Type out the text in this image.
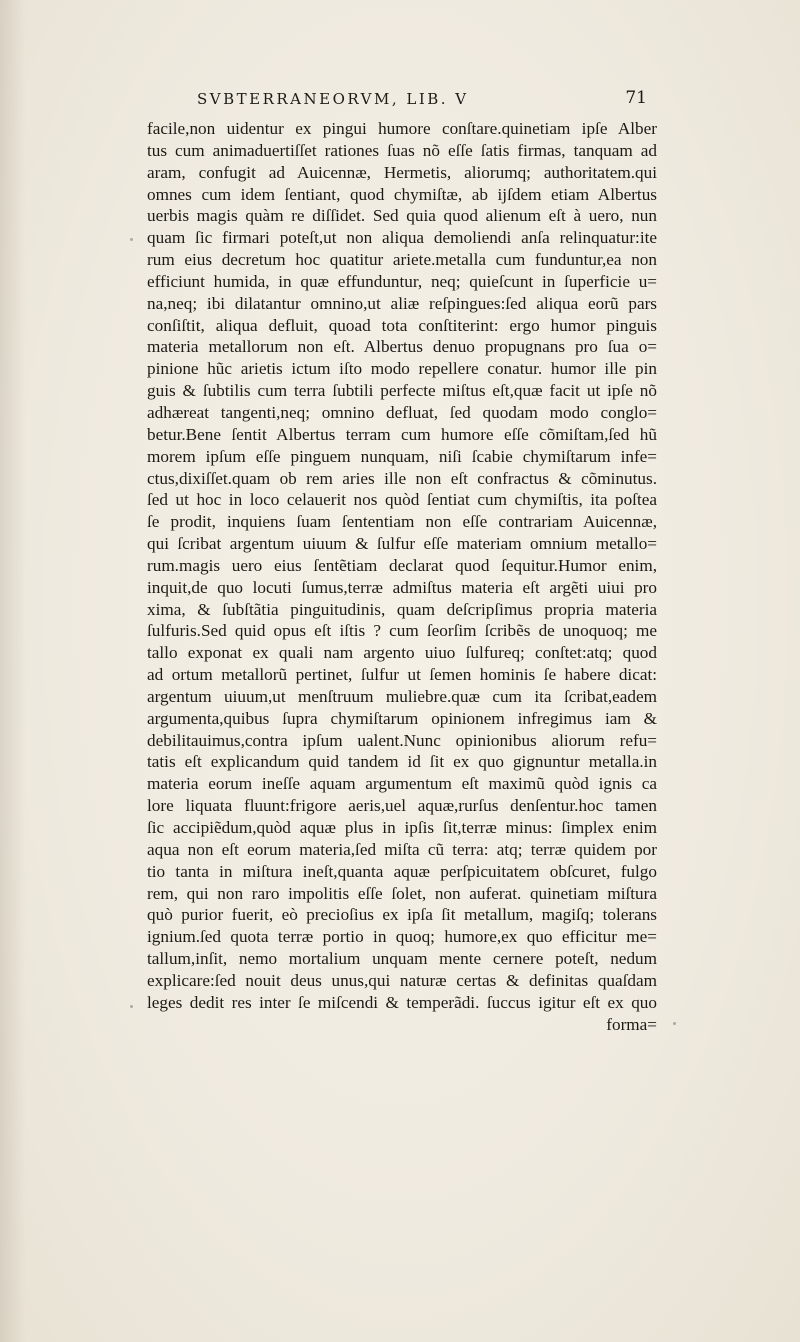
SVBTERRANEORVM, LIB. V	71
facile,non uidentur ex pingui humore conſtare.quinetiam ipſe Alber
tus cum animaduertiſſet rationes ſuas nõ eſſe ſatis firmas, tanquam ad
aram, confugit ad Auicennæ, Hermetis, aliorumq; authoritatem.qui
omnes cum idem ſentiant, quod chymiſtæ, ab ijſdem etiam Albertus
uerbis magis quàm re diſſidet. Sed quia quod alienum eſt à uero, nun
quam ſic firmari poteſt,ut non aliqua demoliendi anſa relinquatur:ite
rum eius decretum hoc quatitur ariete.metalla cum funduntur,ea non
efficiunt humida, in quæ effunduntur, neq; quieſcunt in ſuperficie u=
na,neq; ibi dilatantur omnino,ut aliæ reſpingues:ſed aliqua eorũ pars
conſiſtit, aliqua defluit, quoad tota conſtiterint: ergo humor pinguis
materia metallorum non eſt. Albertus denuo propugnans pro ſua o=
pinione hũc arietis ictum iſto modo repellere conatur. humor ille pin
guis & ſubtilis cum terra ſubtili perfecte miſtus eſt,quæ facit ut ipſe nõ
adhæreat tangenti,neq; omnino defluat, ſed quodam modo conglo=
betur.Bene ſentit Albertus terram cum humore eſſe cõmiſtam,ſed hũ
morem ipſum eſſe pinguem nunquam, niſi ſcabie chymiſtarum infe=
ctus,dixiſſet.quam ob rem aries ille non eſt confractus & cõminutus.
ſed ut hoc in loco celauerit nos quòd ſentiat cum chymiſtis, ita poſtea
ſe prodit, inquiens ſuam ſententiam non eſſe contrariam Auicennæ,
qui ſcribat argentum uiuum & ſulfur eſſe materiam omnium metallo=
rum.magis uero eius ſentẽtiam declarat quod ſequitur.Humor enim,
inquit,de quo locuti ſumus,terræ admiſtus materia eſt argẽti uiui pro
xima, & ſubſtãtia pinguitudinis, quam deſcripſimus propria materia
ſulfuris.Sed quid opus eſt iſtis ? cum ſeorſim ſcribẽs de unoquoq; me
tallo exponat ex quali nam argento uiuo ſulfureq; conſtet:atq; quod
ad ortum metallorũ pertinet, ſulfur ut ſemen hominis ſe habere dicat:
argentum uiuum,ut menſtruum muliebre.quæ cum ita ſcribat,eadem
argumenta,quibus ſupra chymiſtarum opinionem infregimus iam &
debilitauimus,contra ipſum ualent.Nunc opinionibus aliorum refu=
tatis eſt explicandum quid tandem id ſit ex quo gignuntur metalla.in
materia eorum ineſſe aquam argumentum eſt maximũ quòd ignis ca
lore liquata fluunt:frigore aeris,uel aquæ,rurſus denſentur.hoc tamen
ſic accipiẽdum,quòd aquæ plus in ipſis ſit,terræ minus: ſimplex enim
aqua non eſt eorum materia,ſed miſta cũ terra: atq; terræ quidem por
tio tanta in miſtura ineſt,quanta aquæ perſpicuitatem obſcuret, fulgo
rem, qui non raro impolitis eſſe ſolet, non auferat. quinetiam miſtura
quò purior fuerit, eò precioſius ex ipſa ſit metallum, magiſq; tolerans
ignium.ſed quota terræ portio in quoq; humore,ex quo efficitur me=
tallum,inſit, nemo mortalium unquam mente cernere poteſt, nedum
explicare:ſed nouit deus unus,qui naturæ certas & definitas quaſdam
leges dedit res inter ſe miſcendi & temperãdi. ſuccus igitur eſt ex quo
forma=
